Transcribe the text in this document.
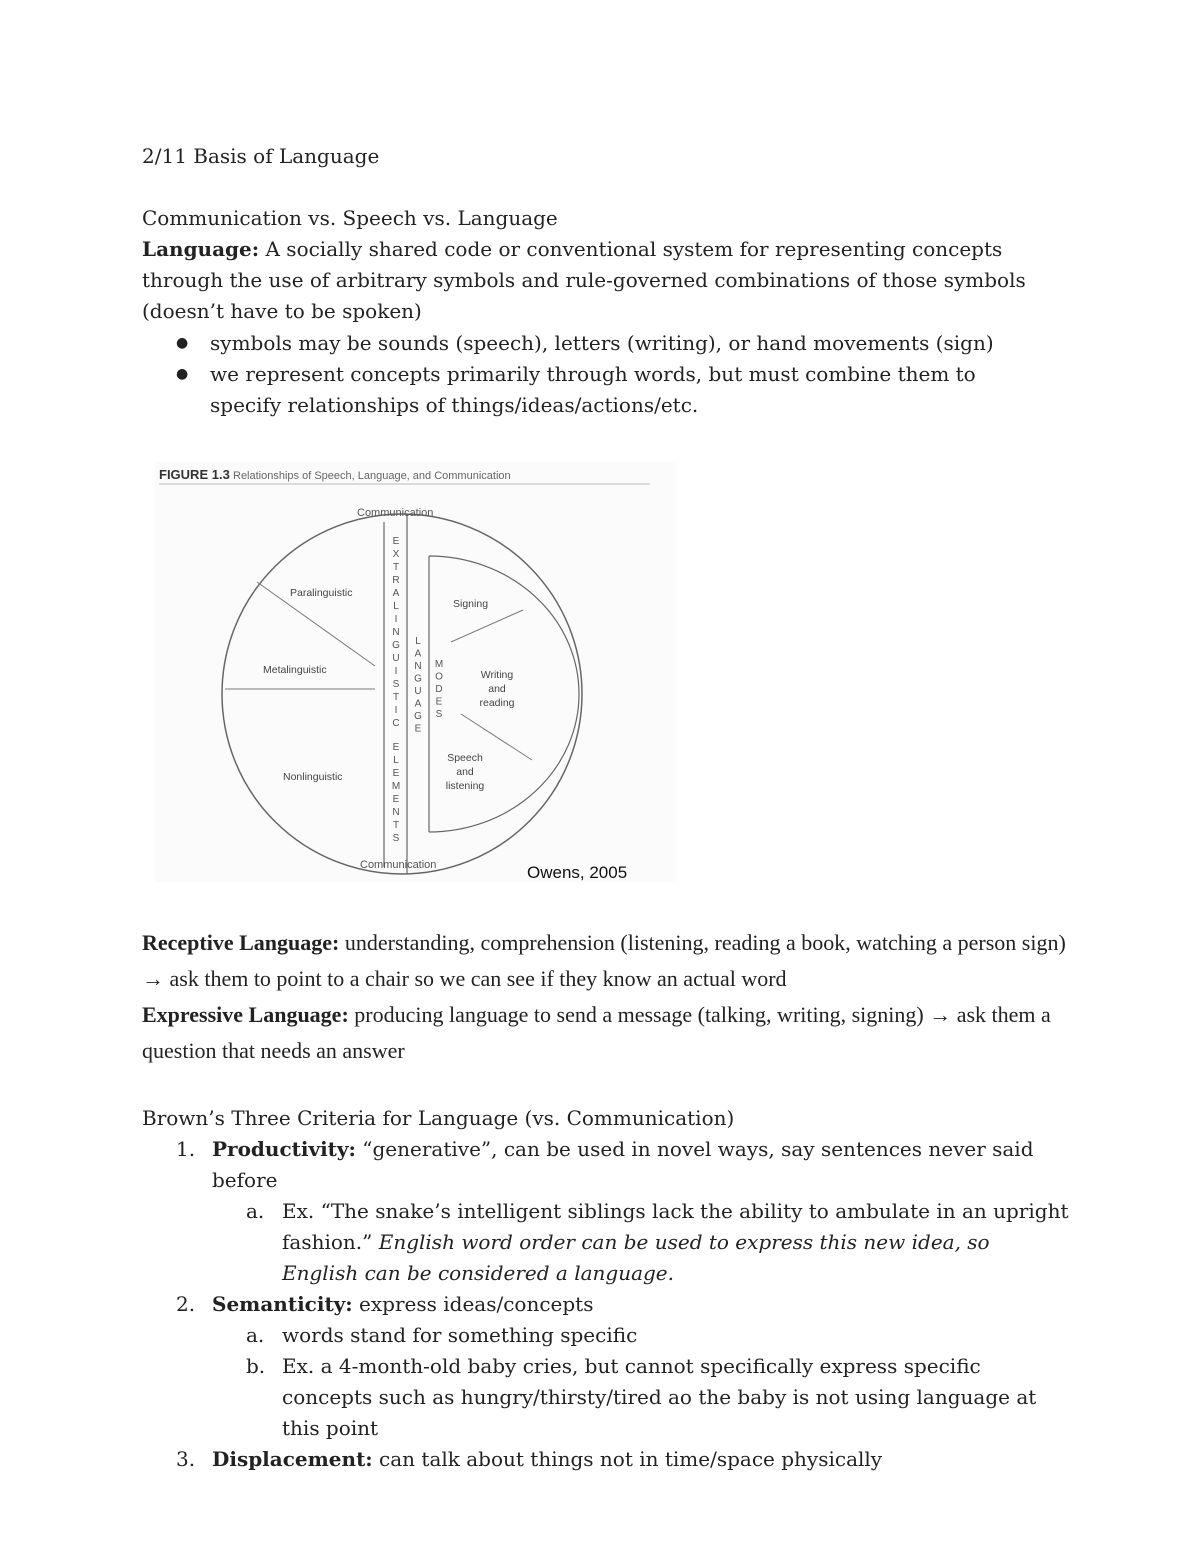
2/11 Basis of Language
Communication vs. Speech vs. Language
Language: A socially shared code or conventional system for representing concepts through the use of arbitrary symbols and rule-governed combinations of those symbols (doesn’t have to be spoken)
● symbols may be sounds (speech), letters (writing), or hand movements (sign)
● we represent concepts primarily through words, but must combine them to specify relationships of things/ideas/actions/etc.
FIGURE 1.3 Relationships of Speech, Language, and Communication
Communication
Communication
Paralinguistic
Metalinguistic
Nonlinguistic
E
X
T
R
A
L
I
N
G
U
I
S
T
I
C
E
L
E
M
E
N
T
S
L
A
N
G
U
A
G
E
M
O
D
E
S
Signing
Writing
and
reading
Speech
and
listening
Owens, 2005
Receptive Language: understanding, comprehension (listening, reading a book, watching a person sign) → ask them to point to a chair so we can see if they know an actual word
Expressive Language: producing language to send a message (talking, writing, signing) → ask them a question that needs an answer
Brown’s Three Criteria for Language (vs. Communication)
1. Productivity: “generative”, can be used in novel ways, say sentences never said before
a. Ex. “The snake’s intelligent siblings lack the ability to ambulate in an upright fashion.” English word order can be used to express this new idea, so English can be considered a language.
2. Semanticity: express ideas/concepts
a. words stand for something specific
b. Ex. a 4-month-old baby cries, but cannot specifically express specific concepts such as hungry/thirsty/tired ao the baby is not using language at this point
3. Displacement: can talk about things not in time/space physically
